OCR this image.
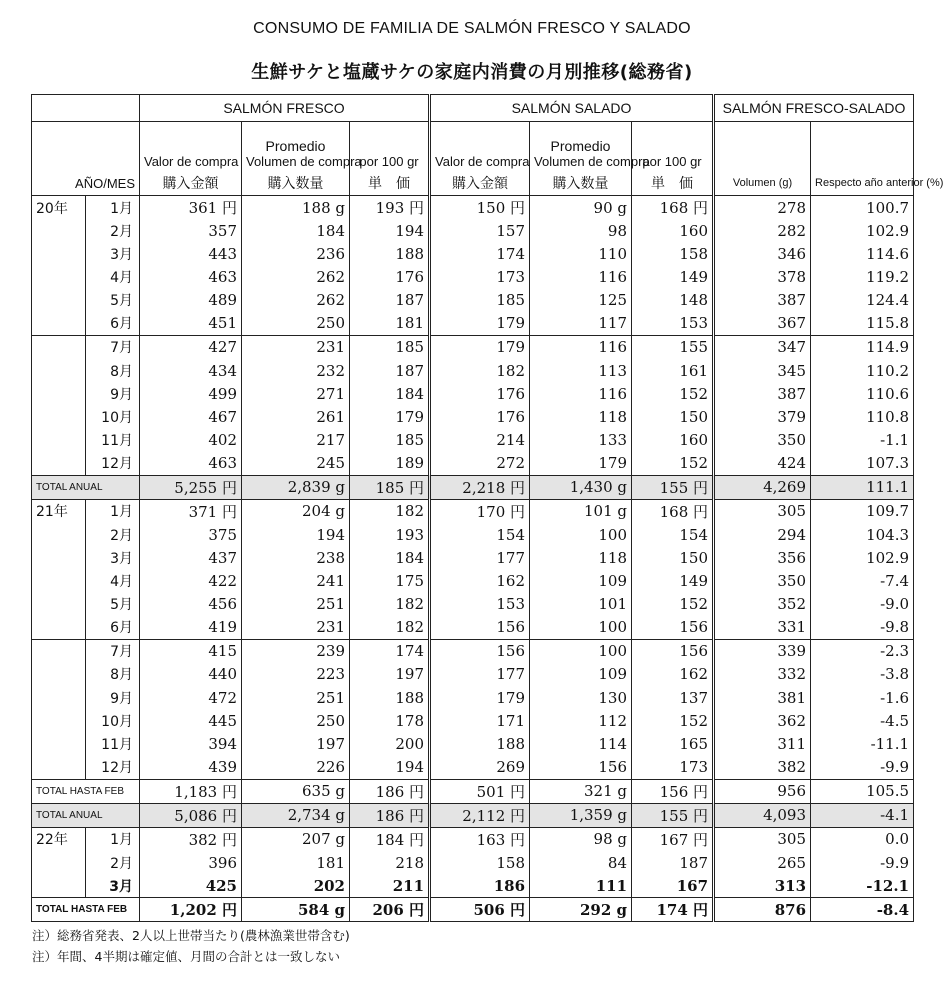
CONSUMO DE FAMILIA DE SALMÓN FRESCO Y SALADO
生鮮サケと塩蔵サケの家庭内消費の月別推移(総務省)
		SALMÓN FRESCO			SALMÓN SALADO			SALMÓN FRESCO-SALADO	
		Valor de compra	Promedio
Volumen de compra	por 100 gr	Valor de compra	Promedio
Volumen de compra	por 100 gr		
AÑO/MES		購入金額	購入数量	単　価	購入金額	購入数量	単　価	Volumen (g)	Respecto año anterior (%)
20年	1月	361 円	188 g	193 円	150 円	90 g	168 円	278	100.7
	2月	357	184	194	157	98	160	282	102.9
	3月	443	236	188	174	110	158	346	114.6
	4月	463	262	176	173	116	149	378	119.2
	5月	489	262	187	185	125	148	387	124.4
	6月	451	250	181	179	117	153	367	115.8
	7月	427	231	185	179	116	155	347	114.9
	8月	434	232	187	182	113	161	345	110.2
	9月	499	271	184	176	116	152	387	110.6
	10月	467	261	179	176	118	150	379	110.8
	11月	402	217	185	214	133	160	350	-1.1
	12月	463	245	189	272	179	152	424	107.3
TOTAL ANUAL		5,255 円	2,839 g	185 円	2,218 円	1,430 g	155 円	4,269	111.1
21年	1月	371 円	204 g	182	170 円	101 g	168 円	305	109.7
	2月	375	194	193	154	100	154	294	104.3
	3月	437	238	184	177	118	150	356	102.9
	4月	422	241	175	162	109	149	350	-7.4
	5月	456	251	182	153	101	152	352	-9.0
	6月	419	231	182	156	100	156	331	-9.8
	7月	415	239	174	156	100	156	339	-2.3
	8月	440	223	197	177	109	162	332	-3.8
	9月	472	251	188	179	130	137	381	-1.6
	10月	445	250	178	171	112	152	362	-4.5
	11月	394	197	200	188	114	165	311	-11.1
	12月	439	226	194	269	156	173	382	-9.9
TOTAL HASTA FEB		1,183 円	635 g	186 円	501 円	321 g	156 円	956	105.5
TOTAL ANUAL		5,086 円	2,734 g	186 円	2,112 円	1,359 g	155 円	4,093	-4.1
22年	1月	382 円	207 g	184 円	163 円	98 g	167 円	305	0.0
	2月	396	181	218	158	84	187	265	-9.9
	3月	425	202	211	186	111	167	313	-12.1
TOTAL HASTA FEB		1,202 円	584 g	206 円	506 円	292 g	174 円	876	-8.4
注）総務省発表、2人以上世帯当たり(農林漁業世帯含む)
注）年間、4半期は確定値、月間の合計とは一致しない
